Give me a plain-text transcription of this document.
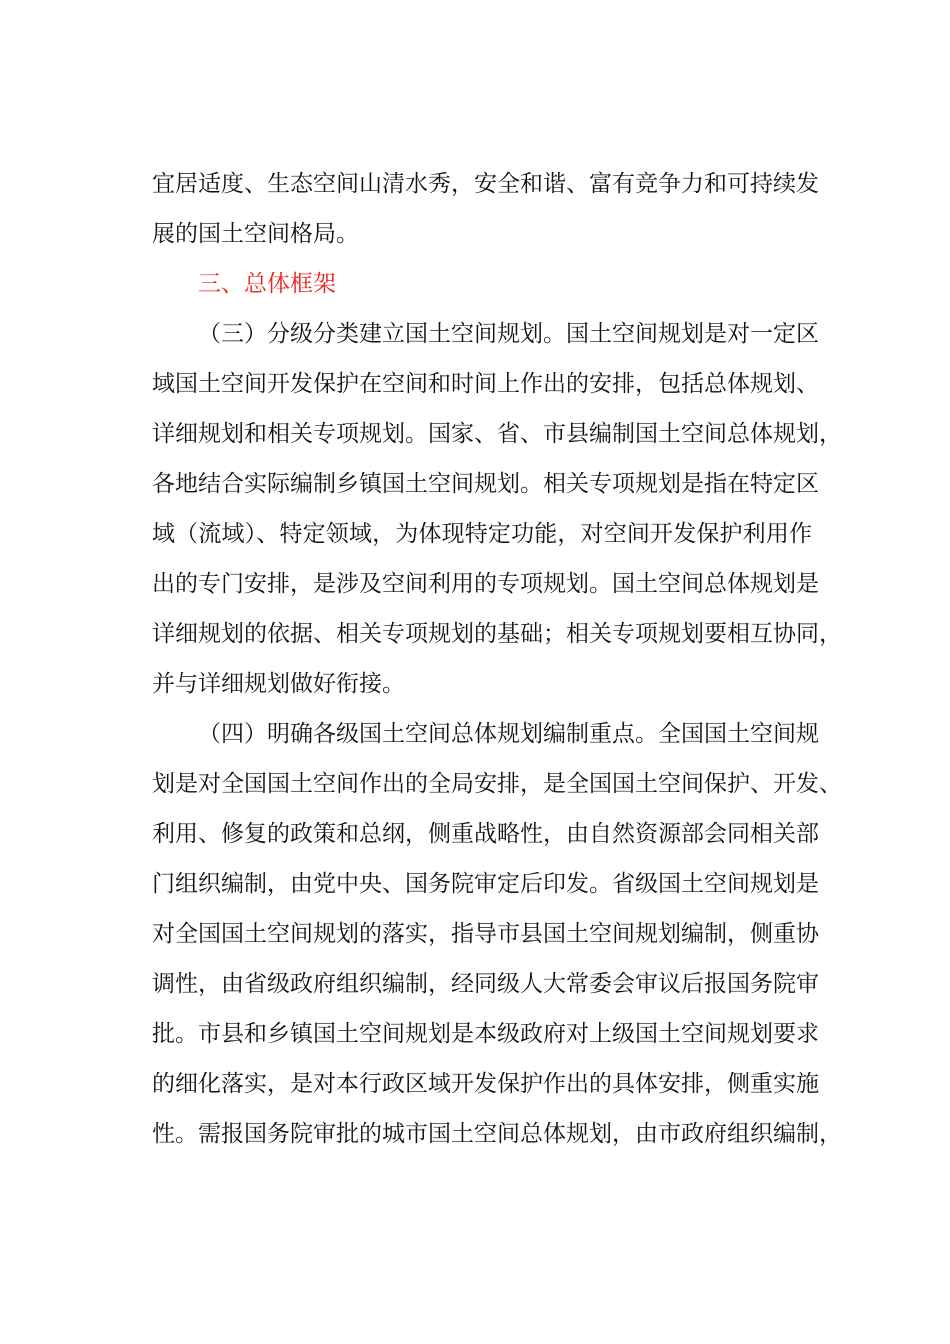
宜居适度、生态空间山清水秀，安全和谐、富有竞争力和可持续发
展的国土空间格局。
三、总体框架
（三）分级分类建立国土空间规划。国土空间规划是对一定区
域国土空间开发保护在空间和时间上作出的安排，包括总体规划、
详细规划和相关专项规划。国家、省、市县编制国土空间总体规划，
各地结合实际编制乡镇国土空间规划。相关专项规划是指在特定区
域（流域）、特定领域，为体现特定功能，对空间开发保护利用作
出的专门安排，是涉及空间利用的专项规划。国土空间总体规划是
详细规划的依据、相关专项规划的基础；相关专项规划要相互协同，
并与详细规划做好衔接。
（四）明确各级国土空间总体规划编制重点。全国国土空间规
划是对全国国土空间作出的全局安排，是全国国土空间保护、开发、
利用、修复的政策和总纲，侧重战略性，由自然资源部会同相关部
门组织编制，由党中央、国务院审定后印发。省级国土空间规划是
对全国国土空间规划的落实，指导市县国土空间规划编制，侧重协
调性，由省级政府组织编制，经同级人大常委会审议后报国务院审
批。市县和乡镇国土空间规划是本级政府对上级国土空间规划要求
的细化落实，是对本行政区域开发保护作出的具体安排，侧重实施
性。需报国务院审批的城市国土空间总体规划，由市政府组织编制，
